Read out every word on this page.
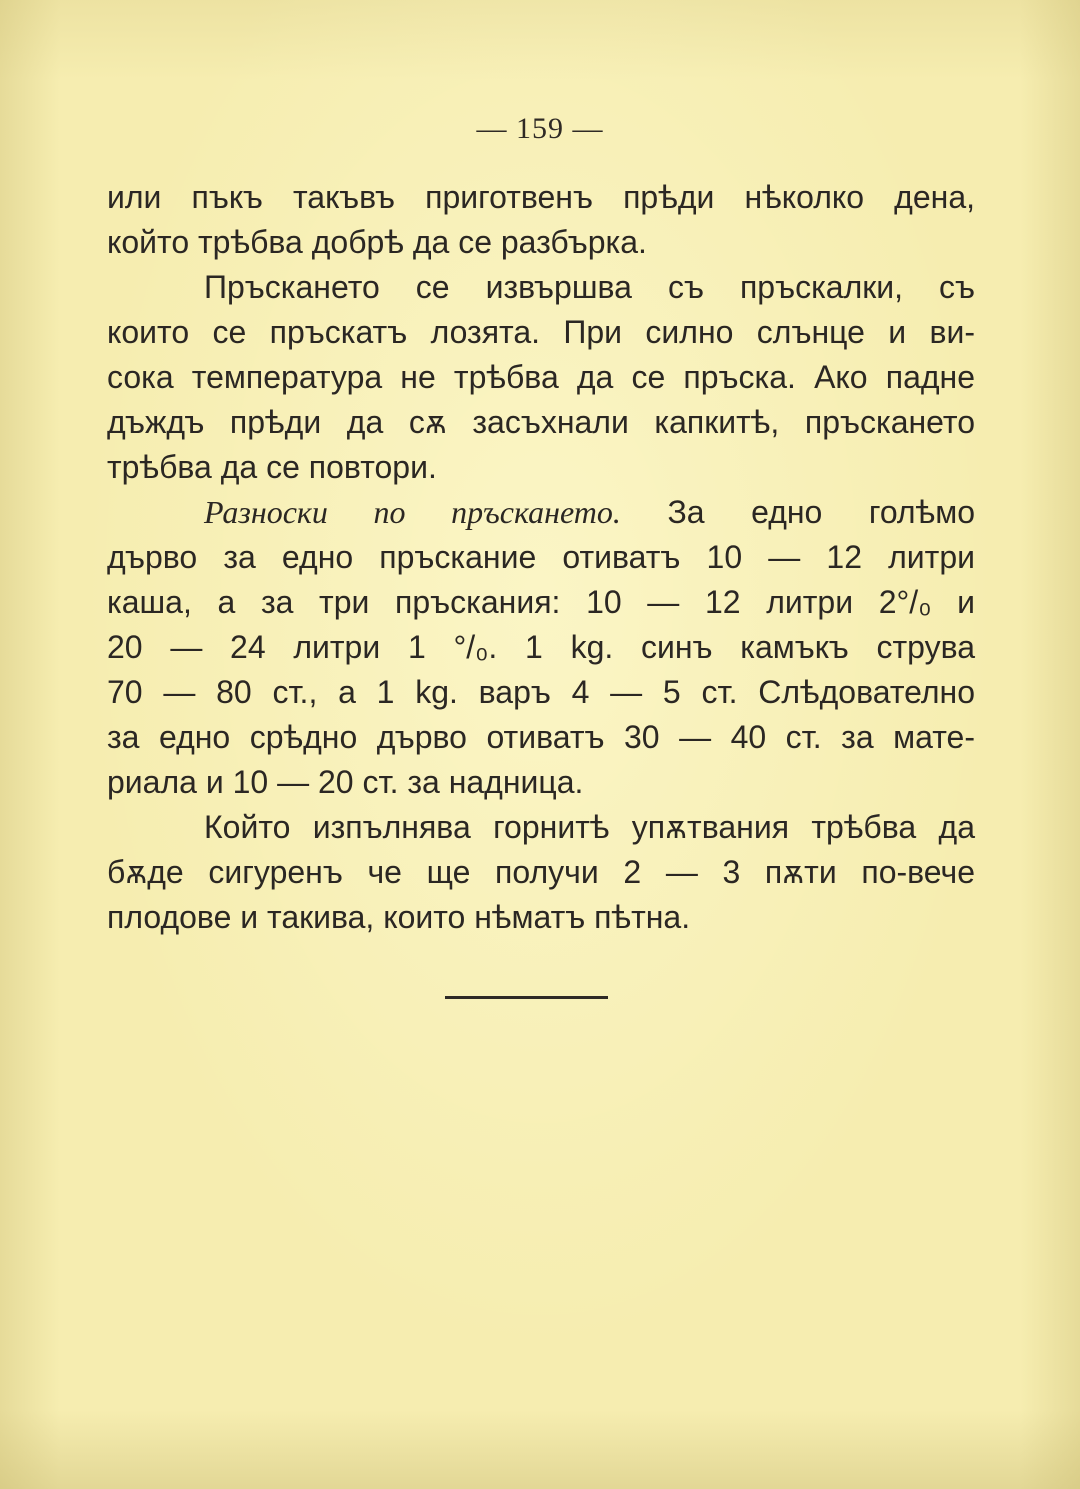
— 159 —
или пъкъ такъвъ приготвенъ прѣди нѣколко дена,
който трѣбва добрѣ да се разбърка.
Пръскането се извършва съ пръскалки, съ
които се пръскатъ лозята. При силно слънце и ви-
сока температура не трѣбва да се пръска. Ако падне
дъждъ прѣди да сѫ засъхнали капкитѣ, пръскането
трѣбва да се повтори.
Разноски по пръскането. За едно голѣмо
дърво за едно пръскание отиватъ 10 — 12 литри
каша, а за три пръскания: 10 — 12 литри 2°/₀ и
20 — 24 литри 1 °/₀. 1 kg. синъ камъкъ струва
70 — 80 ст., а 1 kg. варъ 4 — 5 ст. Слѣдователно
за едно срѣдно дърво отиватъ 30 — 40 ст. за мате-
риала и 10 — 20 ст. за надница.
Който изпълнява горнитѣ упѫтвания трѣбва да
бѫде сигуренъ че ще получи 2 — 3 пѫти по-вече
плодове и такива, които нѣматъ пѣтна.
